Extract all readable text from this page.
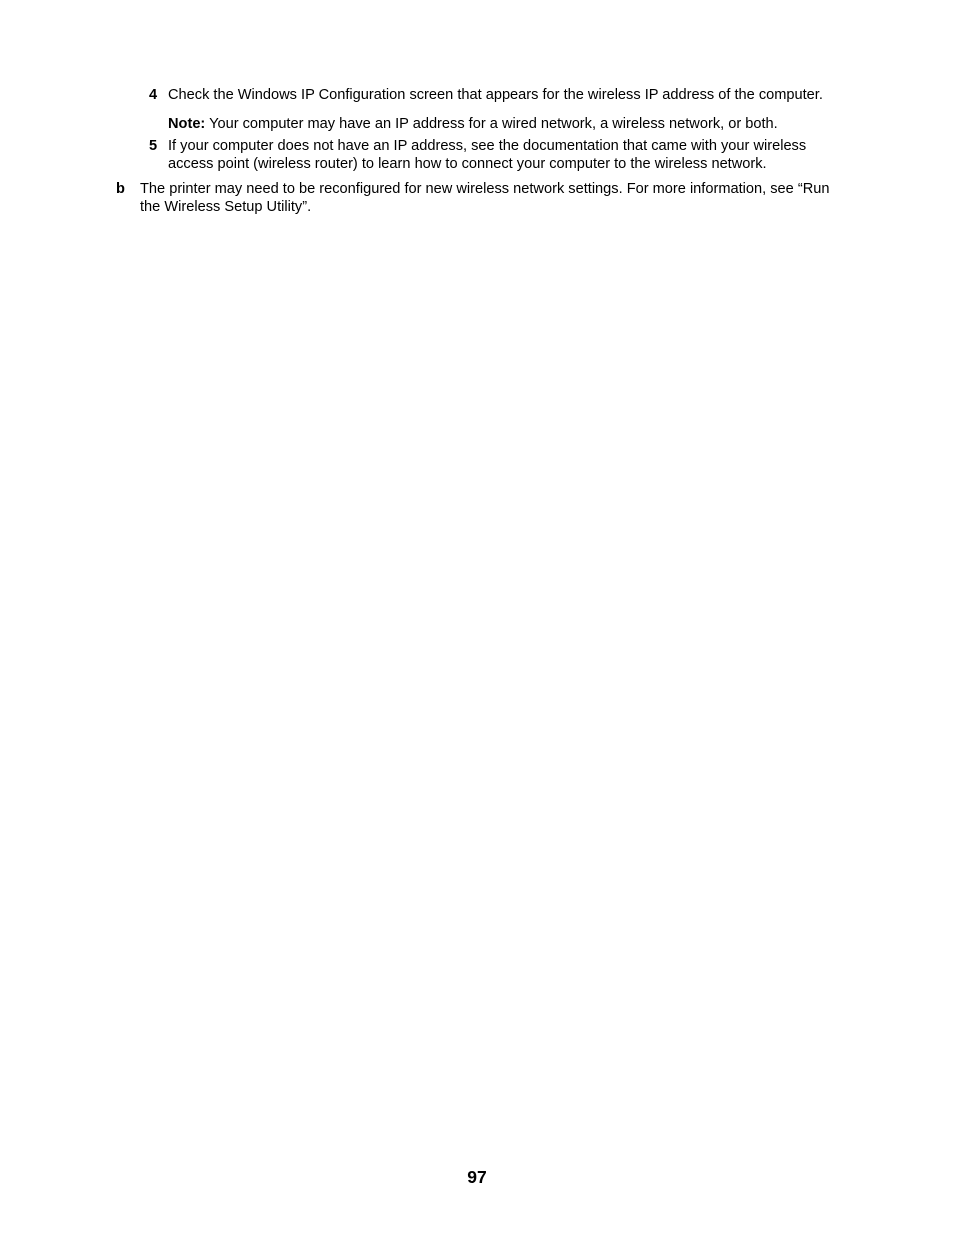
4 Check the Windows IP Configuration screen that appears for the wireless IP address of the computer.
Note: Your computer may have an IP address for a wired network, a wireless network, or both.
5 If your computer does not have an IP address, see the documentation that came with your wireless
access point (wireless router) to learn how to connect your computer to the wireless network.
b The printer may need to be reconfigured for new wireless network settings. For more information, see “Run
the Wireless Setup Utility”.
97
